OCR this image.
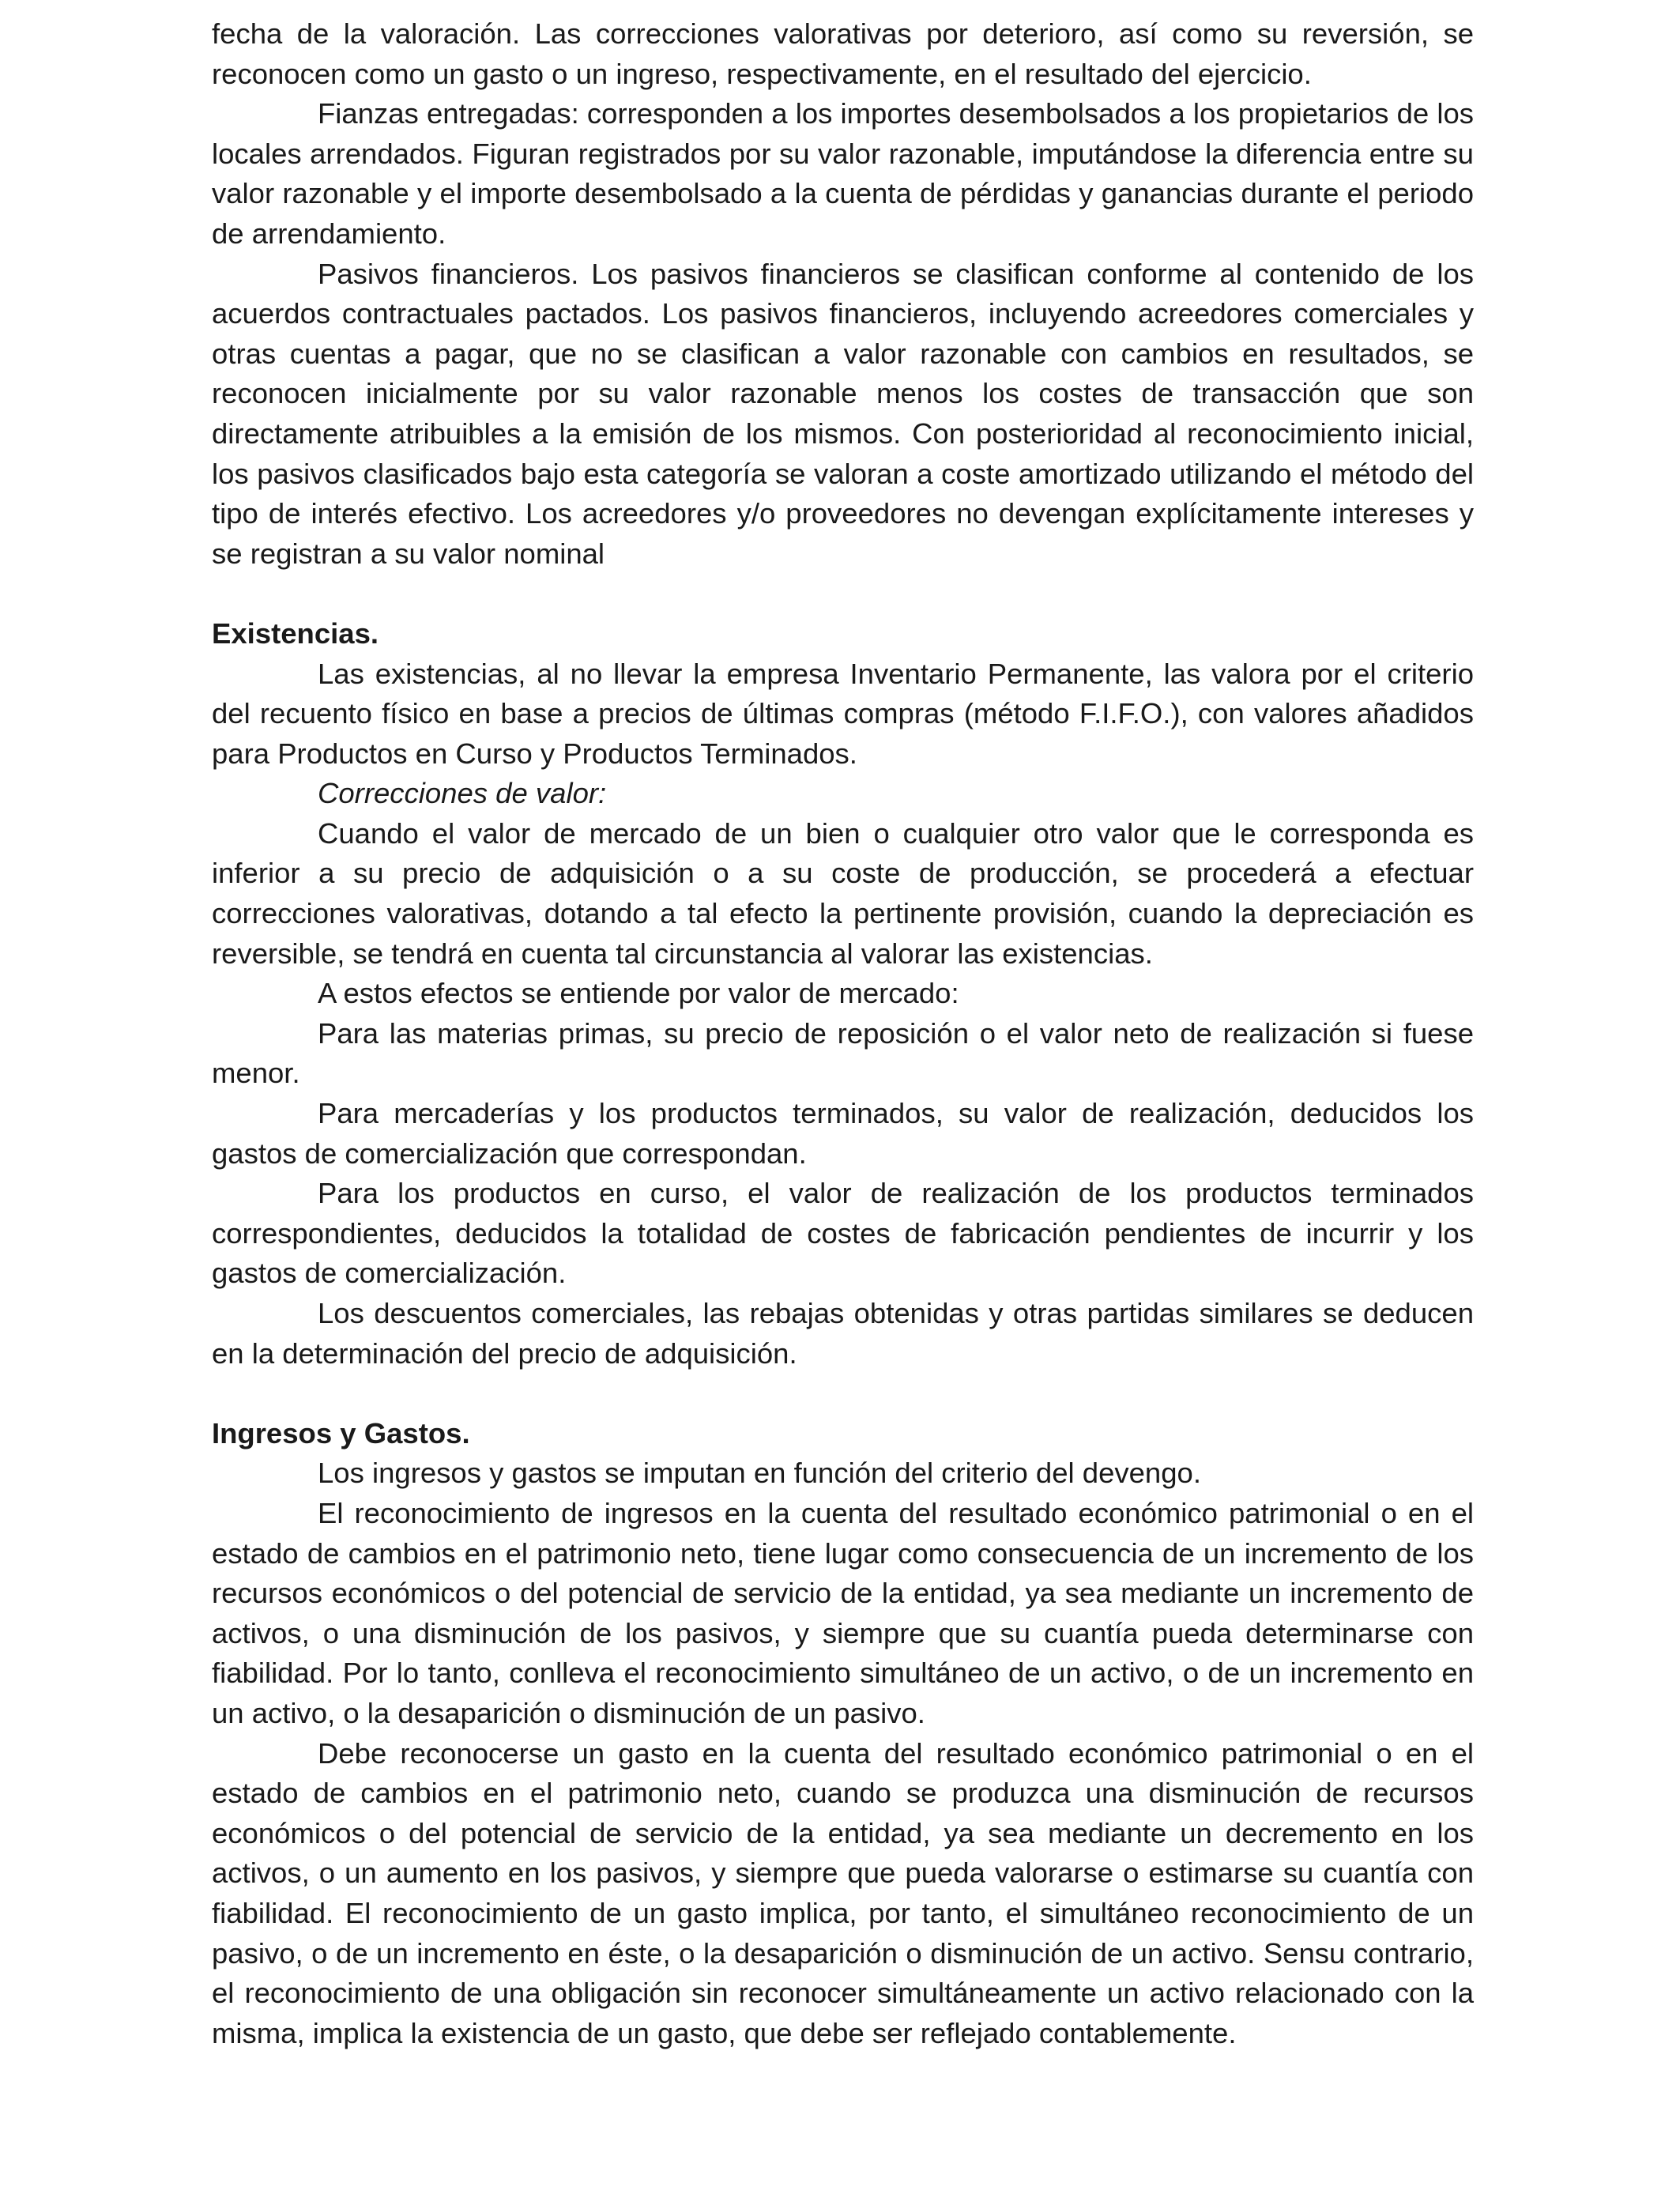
fecha de la valoración. Las correcciones valorativas por deterioro, así como su reversión, se reconocen como un gasto o un ingreso, respectivamente, en el resultado del ejercicio.

Fianzas entregadas: corresponden a los importes desembolsados a los propietarios de los locales arrendados. Figuran registrados por su valor razonable, imputándose la diferencia entre su valor razonable y el importe desembolsado a la cuenta de pérdidas y ganancias durante el periodo de arrendamiento.

Pasivos financieros. Los pasivos financieros se clasifican conforme al contenido de los acuerdos contractuales pactados. Los pasivos financieros, incluyendo acreedores comerciales y otras cuentas a pagar, que no se clasifican a valor razonable con cambios en resultados, se reconocen inicialmente por su valor razonable menos los costes de transacción que son directamente atribuibles a la emisión de los mismos. Con posterioridad al reconocimiento inicial, los pasivos clasificados bajo esta categoría se valoran a coste amortizado utilizando el método del tipo de interés efectivo. Los acreedores y/o proveedores no devengan explícitamente intereses y se registran a su valor nominal

Existencias.

Las existencias, al no llevar la empresa Inventario Permanente, las valora por el criterio del recuento físico en base a precios de últimas compras (método F.I.F.O.), con valores añadidos para Productos en Curso y Productos Terminados.

Correcciones de valor:

Cuando el valor de mercado de un bien o cualquier otro valor que le corresponda es inferior a su precio de adquisición o a su coste de producción, se procederá a efectuar correcciones valorativas, dotando a tal efecto la pertinente provisión, cuando la depreciación es reversible, se tendrá en cuenta tal circunstancia al valorar las existencias.

A estos efectos se entiende por valor de mercado:

Para las materias primas, su precio de reposición o el valor neto de realización si fuese menor.

Para mercaderías y los productos terminados, su valor de realización, deducidos los gastos de comercialización que correspondan.

Para los productos en curso, el valor de realización de los productos terminados correspondientes, deducidos la totalidad de costes de fabricación pendientes de incurrir y los gastos de comercialización.

Los descuentos comerciales, las rebajas obtenidas y otras partidas similares se deducen en la determinación del precio de adquisición.

Ingresos y Gastos.

Los ingresos y gastos se imputan en función del criterio del devengo.

El reconocimiento de ingresos en la cuenta del resultado económico patrimonial o en el estado de cambios en el patrimonio neto, tiene lugar como consecuencia de un incremento de los recursos económicos o del potencial de servicio de la entidad, ya sea mediante un incremento de activos, o una disminución de los pasivos, y siempre que su cuantía pueda determinarse con fiabilidad. Por lo tanto, conlleva el reconocimiento simultáneo de un activo, o de un incremento en un activo, o la desaparición o disminución de un pasivo.

Debe reconocerse un gasto en la cuenta del resultado económico patrimonial o en el estado de cambios en el patrimonio neto, cuando se produzca una disminución de recursos económicos o del potencial de servicio de la entidad, ya sea mediante un decremento en los activos, o un aumento en los pasivos, y siempre que pueda valorarse o estimarse su cuantía con fiabilidad. El reconocimiento de un gasto implica, por tanto, el simultáneo reconocimiento de un pasivo, o de un incremento en éste, o la desaparición o disminución de un activo. Sensu contrario, el reconocimiento de una obligación sin reconocer simultáneamente un activo relacionado con la misma, implica la existencia de un gasto, que debe ser reflejado contablemente.
